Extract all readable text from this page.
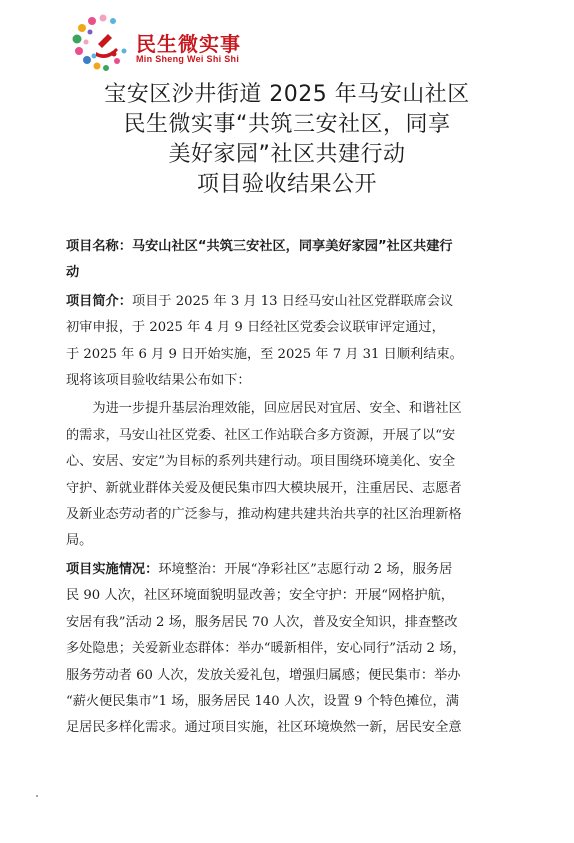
民生微实事
Min Sheng Wei Shi Shi
宝安区沙井街道 2025 年马安山社区
民生微实事“共筑三安社区，同享
美好家园”社区共建行动
项目验收结果公开
项目名称：马安山社区“共筑三安社区，同享美好家园”社区共建行
动
项目简介：项目于 2025 年 3 月 13 日经马安山社区党群联席会议
初审申报，于 2025 年 4 月 9 日经社区党委会议联审评定通过，
于 2025 年 6 月 9 日开始实施，至 2025 年 7 月 31 日顺利结束。
现将该项目验收结果公布如下：
为进一步提升基层治理效能，回应居民对宜居、安全、和谐社区
的需求，马安山社区党委、社区工作站联合多方资源，开展了以“安
心、安居、安定”为目标的系列共建行动。项目围绕环境美化、安全
守护、新就业群体关爱及便民集市四大模块展开，注重居民、志愿者
及新业态劳动者的广泛参与，推动构建共建共治共享的社区治理新格
局。
项目实施情况：环境整治：开展“净彩社区”志愿行动 2 场，服务居
民 90 人次，社区环境面貌明显改善；安全守护：开展“网格护航，
安居有我”活动 2 场，服务居民 70 人次，普及安全知识，排查整改
多处隐患；关爱新业态群体：举办“暖新相伴，安心同行”活动 2 场，
服务劳动者 60 人次，发放关爱礼包，增强归属感；便民集市：举办
“薪火便民集市”1 场，服务居民 140 人次，设置 9 个特色摊位，满
足居民多样化需求。通过项目实施，社区环境焕然一新，居民安全意
